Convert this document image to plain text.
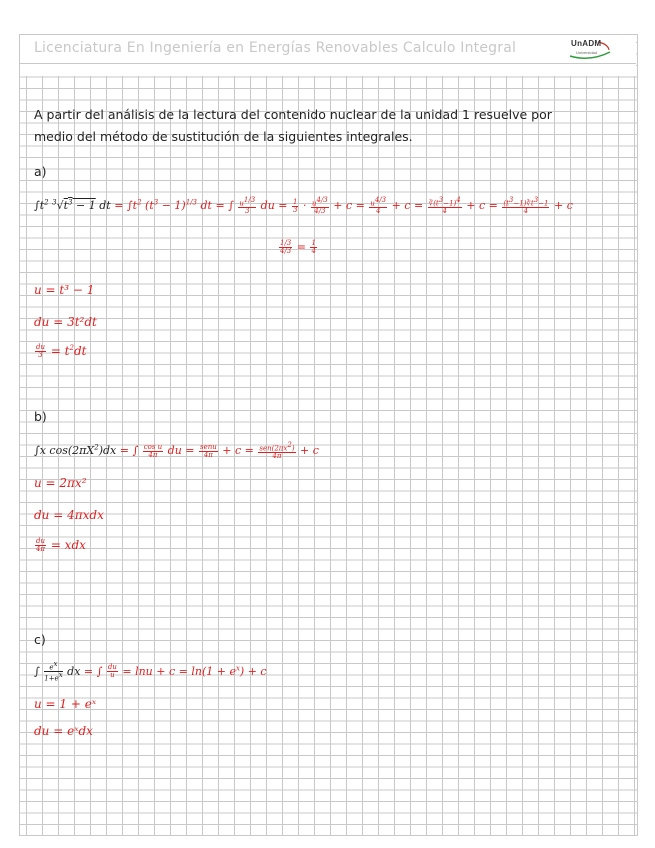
Licenciatura En Ingeniería en Energías Renovables Calculo Integral	UnADM
Universidad
A partir del análisis de la lectura del contenido nuclear de la unidad 1 resuelve por
medio del método de sustitución de la siguientes integrales.
a)
$\int t^2$ $^3√t^3 - 1$ dt = $\int t^2$ $(t^3 - 1)^{1/3}$ dt = ∫ $\frac{u^{1/3}}{3}$ du = $\frac{1}{3} \cdot \frac{u^{4/3}}{4/3} + c = \frac{u^{4/3}}{4} + c = \frac{∛(t^3-1)^4}{4} + c = \frac{(t^3-1)∛t^3-1}{4} + c$
$\frac{1/3}{4/3} = \frac{1}{4}$
u = t³ − 1
du = 3t²dt
$\frac{du}{3} = t^2dt$
b)
∫x $\cos(2\pi X^2)dx$ = ∫ $\frac{\text{cos u}}{4\pi}$ du = $\frac{\text{senu}}{4\pi} + c = \frac{sen(2\pi x^2)}{4\pi} + c$
u = 2πx²
du = 4πxdx
$\frac{du}{4\pi}$ = xdx
c)
∫ $\frac{e^x}{1+e^x}$ dx = ∫ $\frac{du}{u} = \ln u + c = \ln(1 + e^x) + c$
u = 1 + eˣ
du = eˣdx
